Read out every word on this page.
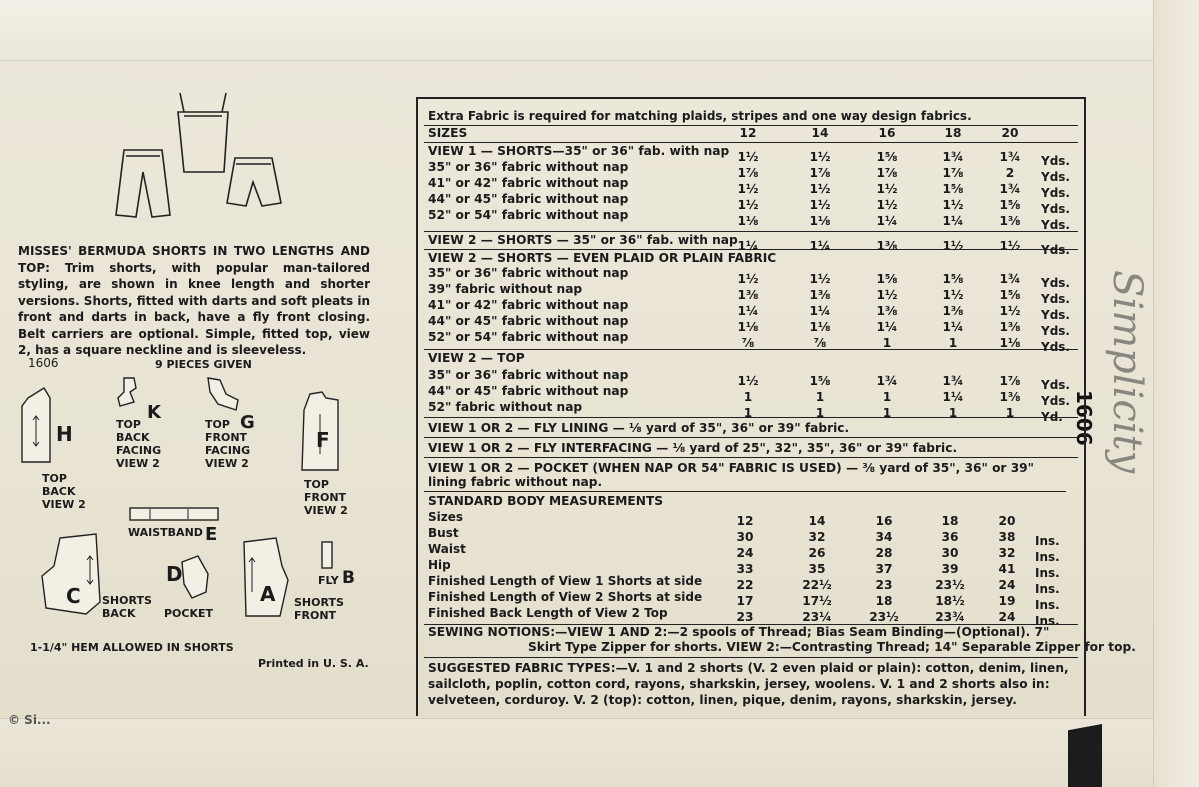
Simplicity
1606
MISSES' BERMUDA SHORTS IN TWO LENGTHS AND TOP: Trim shorts, with popular man-tailored styling, are shown in knee length and shorter versions. Shorts, fitted with darts and soft pleats in front and darts in back, have a fly front closing. Belt carriers are optional. Simple, fitted top, view 2, has a square neckline and is sleeveless.
1606	9 PIECES GIVEN
H
TOP
BACK
VIEW 2
K
TOP
BACK
FACING
VIEW 2
G
TOP
FRONT
FACING
VIEW 2
F
TOP
FRONT
VIEW 2
WAISTBAND E
C SHORTS
BACK
D
POCKET
A SHORTS
FRONT
FLY B
1-1/4" HEM ALLOWED IN SHORTS
Printed in U. S. A.
© Si...
Extra Fabric is required for matching plaids, stripes and one way design fabrics.
SIZES
VIEW 1 OR 2 — FLY LINING — ⅛ yard of 35", 36" or 39" fabric.
VIEW 1 OR 2 — FLY INTERFACING — ⅛ yard of 25", 32", 35", 36" or 39" fabric.
VIEW 1 OR 2 — POCKET (WHEN NAP OR 54" FABRIC IS USED) — ⅜ yard of 35", 36" or 39"
lining fabric without nap.
STANDARD BODY MEASUREMENTS
SEWING NOTIONS:—VIEW 1 AND 2:—2 spools of Thread; Bias Seam Binding—(Optional). 7"
Skirt Type Zipper for shorts. VIEW 2:—Contrasting Thread; 14" Separable Zipper for top.
SUGGESTED FABRIC TYPES:—V. 1 and 2 shorts (V. 2 even plaid or plain): cotton, denim, linen,
sailcloth, poplin, cotton cord, rayons, sharkskin, jersey, woolens. V. 1 and 2 shorts also in:
velveteen, corduroy. V. 2 (top): cotton, linen, pique, denim, rayons, sharkskin, jersey.
12	14	16	18	20
VIEW 1 — SHORTS—35" or 36" fab. with nap 1½	1½	1⅝	1¾	1¾	Yds.
35" or 36" fabric without nap	1⅞	1⅞	1⅞	1⅞	2	Yds.
41" or 42" fabric without nap	1½	1½	1½	1⅝	1¾	Yds.
44" or 45" fabric without nap	1½	1½	1½	1½	1⅝	Yds.
52" or 54" fabric without nap	1⅛	1⅛	1¼	1¼	1⅜	Yds.
VIEW 2 — SHORTS — 35" or 36" fab. with nap 1¼	1¼	1⅜	1½	1½	Yds.
VIEW 2 — SHORTS — EVEN PLAID OR PLAIN FABRIC
35" or 36" fabric without nap	1½	1½	1⅝	1⅝	1¾	Yds.
39" fabric without nap	1⅜	1⅜	1½	1½	1⅝	Yds.
41" or 42" fabric without nap	1¼	1¼	1⅜	1⅜	1½	Yds.
44" or 45" fabric without nap	1⅛	1⅛	1¼	1¼	1⅜	Yds.
52" or 54" fabric without nap	⅞	⅞	1	1	1⅛	Yds.
VIEW 2 — TOP
35" or 36" fabric without nap	1½	1⅝	1¾	1¾	1⅞	Yds.
44" or 45" fabric without nap	1	1	1	1¼	1⅜	Yds.
52" fabric without nap	1	1	1	1	1	Yd.
Sizes	12	14	16	18	20
Bust	30	32	34	36	38	Ins.
Waist	24	26	28	30	32	Ins.
Hip	33	35	37	39	41	Ins.
Finished Length of View 1 Shorts at side	22	22½	23	23½	24	Ins.
Finished Length of View 2 Shorts at side	17	17½	18	18½	19	Ins.
Finished Back Length of View 2 Top	23	23¼	23½	23¾	24	Ins.
